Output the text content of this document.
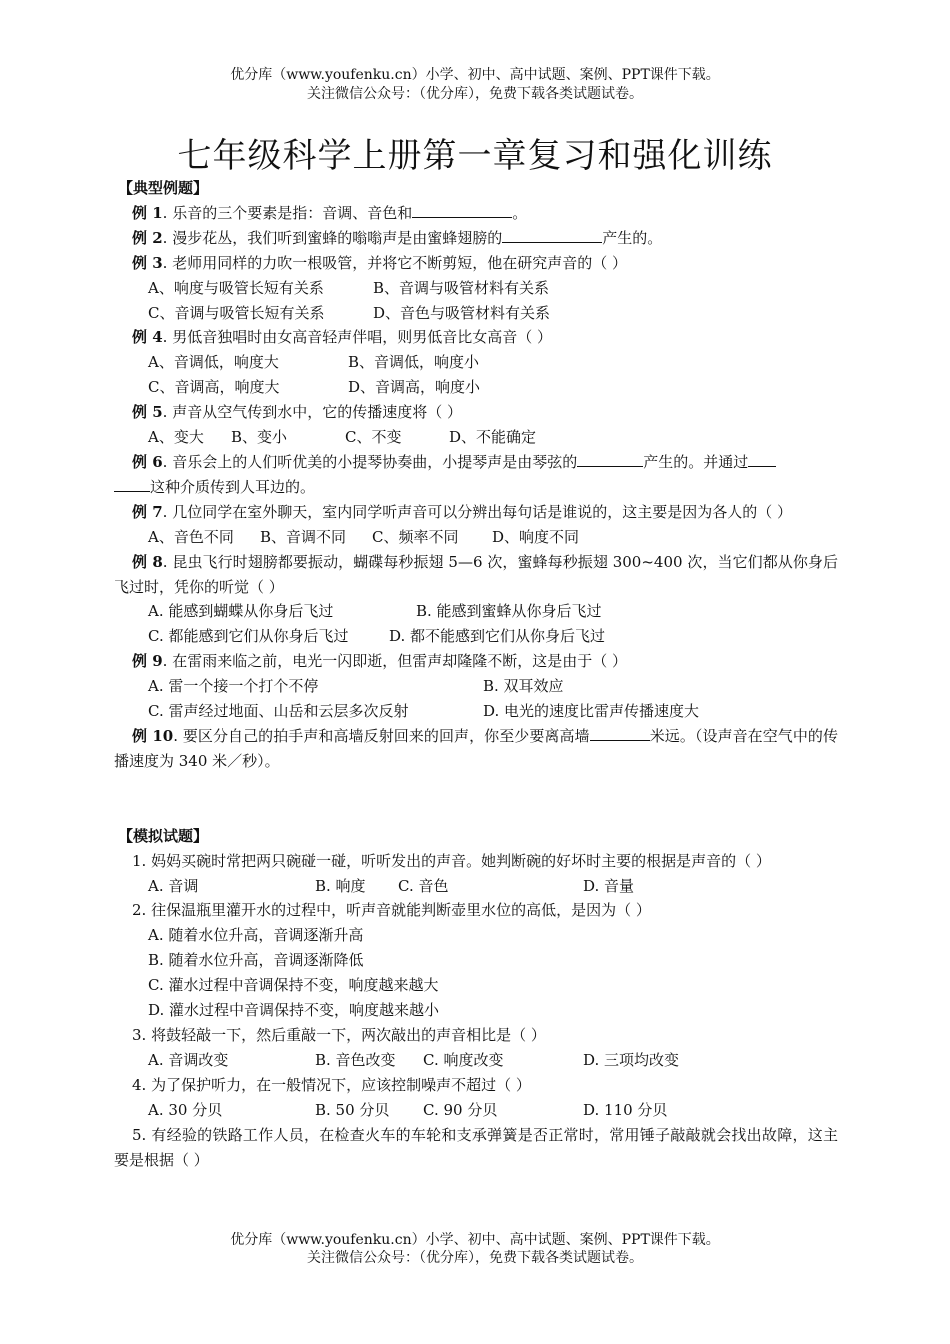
优分库（www.youfenku.cn）小学、初中、高中试题、案例、PPT课件下载。
关注微信公众号：（优分库），免费下载各类试题试卷。
七年级科学上册第一章复习和强化训练
【典型例题】
例 1. 乐音的三个要素是指：音调、音色和	。
例 2. 漫步花丛，我们听到蜜蜂的嗡嗡声是由蜜蜂翅膀的	产生的。
例 3. 老师用同样的力吹一根吸管，并将它不断剪短，他在研究声音的（ ）
A、响度与吸管长短有关系	B、音调与吸管材料有关系
C、音调与吸管长短有关系	D、音色与吸管材料有关系
例 4. 男低音独唱时由女高音轻声伴唱，则男低音比女高音（ ）
A、音调低，响度大	B、音调低，响度小
C、音调高，响度大	D、音调高，响度小
例 5. 声音从空气传到水中，它的传播速度将（ ）
A、变大	B、变小	C、不变	D、不能确定
例 6. 音乐会上的人们听优美的小提琴协奏曲，小提琴声是由琴弦的	产生的。并通过
这种介质传到人耳边的。
例 7. 几位同学在室外聊天，室内同学听声音可以分辨出每句话是谁说的，这主要是因为各人的（ ）
A、音色不同	B、音调不同	C、频率不同	D、响度不同
例 8. 昆虫飞行时翅膀都要振动，蝴碟每秒振翅 5—6 次，蜜蜂每秒振翅 300~400 次，当它们都从你身后飞过时，凭你的听觉（ ）
A. 能感到蝴蝶从你身后飞过	B. 能感到蜜蜂从你身后飞过
C. 都能感到它们从你身后飞过	D. 都不能感到它们从你身后飞过
例 9. 在雷雨来临之前，电光一闪即逝，但雷声却隆隆不断，这是由于（ ）
A. 雷一个接一个打个不停	B. 双耳效应
C. 雷声经过地面、山岳和云层多次反射	D. 电光的速度比雷声传播速度大
例 10. 要区分自己的拍手声和高墙反射回来的回声，你至少要离高墙	米远。（设声音在空气中的传播速度为 340 米／秒）。
【模拟试题】
1. 妈妈买碗时常把两只碗碰一碰，听听发出的声音。她判断碗的好坏时主要的根据是声音的（ ）
A. 音调	B. 响度	C. 音色	D. 音量
2. 往保温瓶里灌开水的过程中，听声音就能判断壶里水位的高低，是因为（ ）
A. 随着水位升高，音调逐渐升高
B. 随着水位升高，音调逐渐降低
C. 灌水过程中音调保持不变，响度越来越大
D. 灌水过程中音调保持不变，响度越来越小
3. 将鼓轻敲一下，然后重敲一下，两次敲出的声音相比是（ ）
A. 音调改变	B. 音色改变	C. 响度改变	D. 三项均改变
4. 为了保护听力，在一般情况下，应该控制噪声不超过（ ）
A. 30 分贝	B. 50 分贝	C. 90 分贝	D. 110 分贝
5. 有经验的铁路工作人员，在检查火车的车轮和支承弹簧是否正常时，常用锤子敲敲就会找出故障，这主要是根据（ ）
优分库（www.youfenku.cn）小学、初中、高中试题、案例、PPT课件下载。
关注微信公众号：（优分库），免费下载各类试题试卷。
